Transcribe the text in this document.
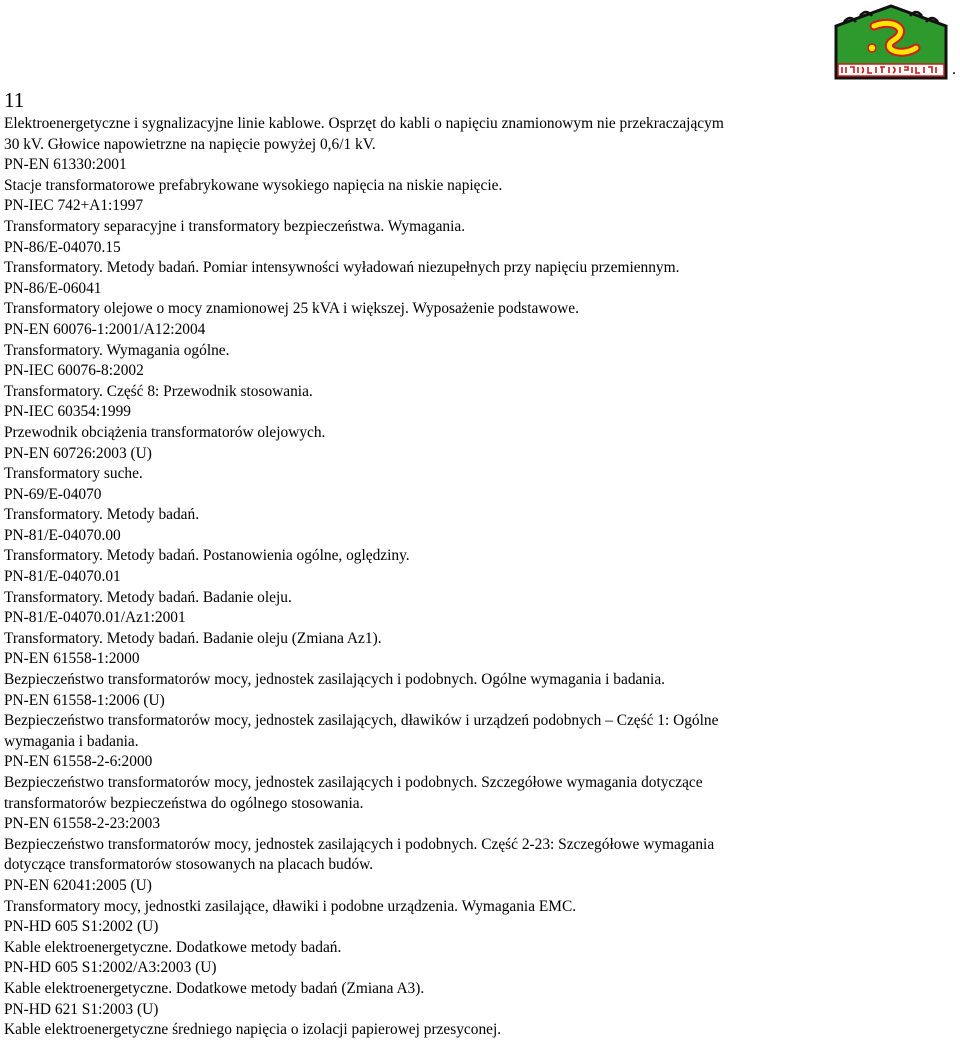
.
11
Elektroenergetyczne i sygnalizacyjne linie kablowe. Osprzęt do kabli o napięciu znamionowym nie przekraczającym
30 kV. Głowice napowietrzne na napięcie powyżej 0,6/1 kV.
PN-EN 61330:2001
Stacje transformatorowe prefabrykowane wysokiego napięcia na niskie napięcie.
PN-IEC 742+A1:1997
Transformatory separacyjne i transformatory bezpieczeństwa. Wymagania.
PN-86/E-04070.15
Transformatory. Metody badań. Pomiar intensywności wyładowań niezupełnych przy napięciu przemiennym.
PN-86/E-06041
Transformatory olejowe o mocy znamionowej 25 kVA i większej. Wyposażenie podstawowe.
PN-EN 60076-1:2001/A12:2004
Transformatory. Wymagania ogólne.
PN-IEC 60076-8:2002
Transformatory. Część 8: Przewodnik stosowania.
PN-IEC 60354:1999
Przewodnik obciążenia transformatorów olejowych.
PN-EN 60726:2003 (U)
Transformatory suche.
PN-69/E-04070
Transformatory. Metody badań.
PN-81/E-04070.00
Transformatory. Metody badań. Postanowienia ogólne, oględziny.
PN-81/E-04070.01
Transformatory. Metody badań. Badanie oleju.
PN-81/E-04070.01/Az1:2001
Transformatory. Metody badań. Badanie oleju (Zmiana Az1).
PN-EN 61558-1:2000
Bezpieczeństwo transformatorów mocy, jednostek zasilających i podobnych. Ogólne wymagania i badania.
PN-EN 61558-1:2006 (U)
Bezpieczeństwo transformatorów mocy, jednostek zasilających, dławików i urządzeń podobnych – Część 1: Ogólne
wymagania i badania.
PN-EN 61558-2-6:2000
Bezpieczeństwo transformatorów mocy, jednostek zasilających i podobnych. Szczegółowe wymagania dotyczące
transformatorów bezpieczeństwa do ogólnego stosowania.
PN-EN 61558-2-23:2003
Bezpieczeństwo transformatorów mocy, jednostek zasilających i podobnych. Część 2-23: Szczegółowe wymagania
dotyczące transformatorów stosowanych na placach budów.
PN-EN 62041:2005 (U)
Transformatory mocy, jednostki zasilające, dławiki i podobne urządzenia. Wymagania EMC.
PN-HD 605 S1:2002 (U)
Kable elektroenergetyczne. Dodatkowe metody badań.
PN-HD 605 S1:2002/A3:2003 (U)
Kable elektroenergetyczne. Dodatkowe metody badań (Zmiana A3).
PN-HD 621 S1:2003 (U)
Kable elektroenergetyczne średniego napięcia o izolacji papierowej przesyconej.
